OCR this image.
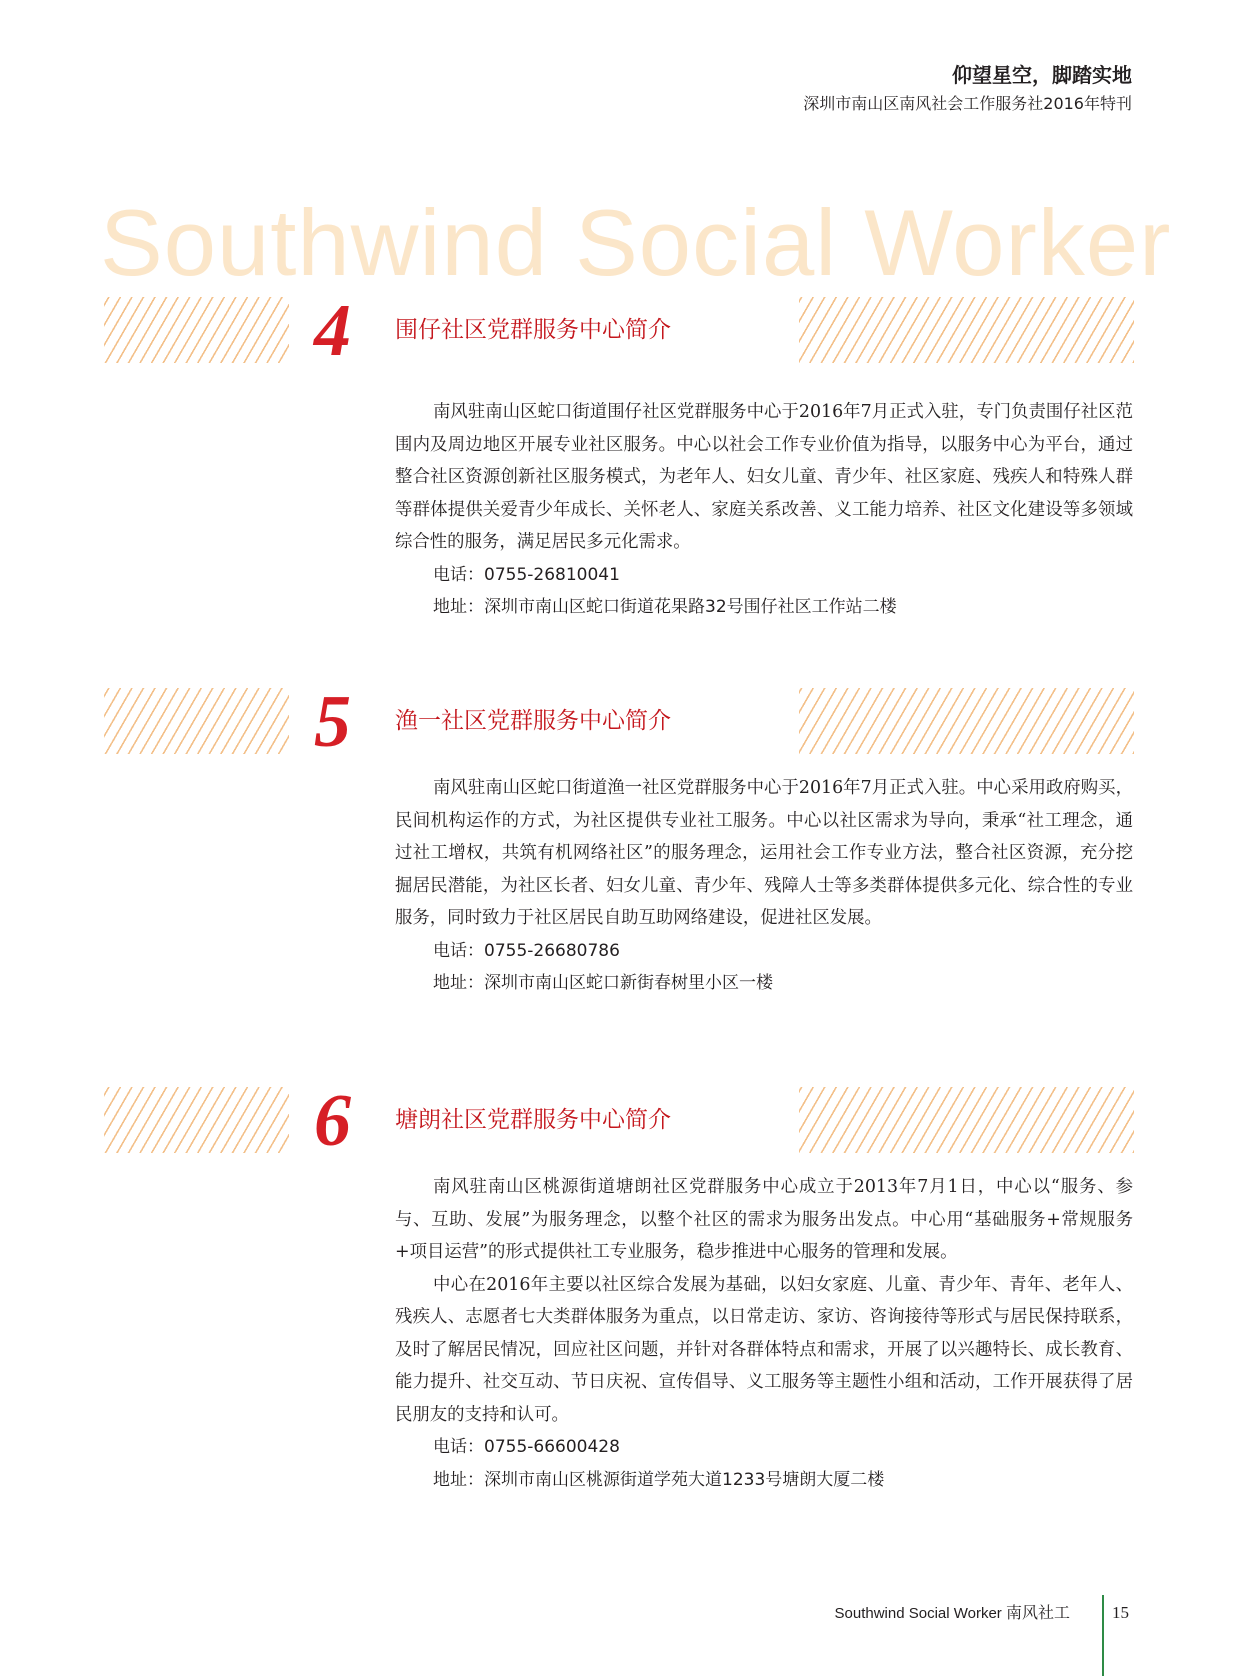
仰望星空，脚踏实地
深圳市南山区南风社会工作服务社2016年特刊
Southwind Social Worker
4	围仔社区党群服务中心简介

南风驻南山区蛇口街道围仔社区党群服务中心于2016年7月正式入驻，专门负责围仔社区范围内及周边地区开展专业社区服务。中心以社会工作专业价值为指导，以服务中心为平台，通过整合社区资源创新社区服务模式，为老年人、妇女儿童、青少年、社区家庭、残疾人和特殊人群等群体提供关爱青少年成长、关怀老人、家庭关系改善、义工能力培养、社区文化建设等多领域综合性的服务，满足居民多元化需求。

电话：0755-26810041
地址：深圳市南山区蛇口街道花果路32号围仔社区工作站二楼
5	渔一社区党群服务中心简介

南风驻南山区蛇口街道渔一社区党群服务中心于2016年7月正式入驻。中心采用政府购买，民间机构运作的方式，为社区提供专业社工服务。中心以社区需求为导向，秉承“社工理念，通过社工增权，共筑有机网络社区”的服务理念，运用社会工作专业方法，整合社区资源，充分挖掘居民潜能，为社区长者、妇女儿童、青少年、残障人士等多类群体提供多元化、综合性的专业服务，同时致力于社区居民自助互助网络建设，促进社区发展。

电话：0755-26680786
地址：深圳市南山区蛇口新街春树里小区一楼
6	塘朗社区党群服务中心简介

南风驻南山区桃源街道塘朗社区党群服务中心成立于2013年7月1日，中心以“服务、参与、互助、发展”为服务理念，以整个社区的需求为服务出发点。中心用“基础服务+常规服务+项目运营”的形式提供社工专业服务，稳步推进中心服务的管理和发展。

中心在2016年主要以社区综合发展为基础，以妇女家庭、儿童、青少年、青年、老年人、残疾人、志愿者七大类群体服务为重点，以日常走访、家访、咨询接待等形式与居民保持联系，及时了解居民情况，回应社区问题，并针对各群体特点和需求，开展了以兴趣特长、成长教育、能力提升、社交互动、节日庆祝、宣传倡导、义工服务等主题性小组和活动，工作开展获得了居民朋友的支持和认可。

电话：0755-66600428
地址：深圳市南山区桃源街道学苑大道1233号塘朗大厦二楼
Southwind Social Worker 南风社工 15
